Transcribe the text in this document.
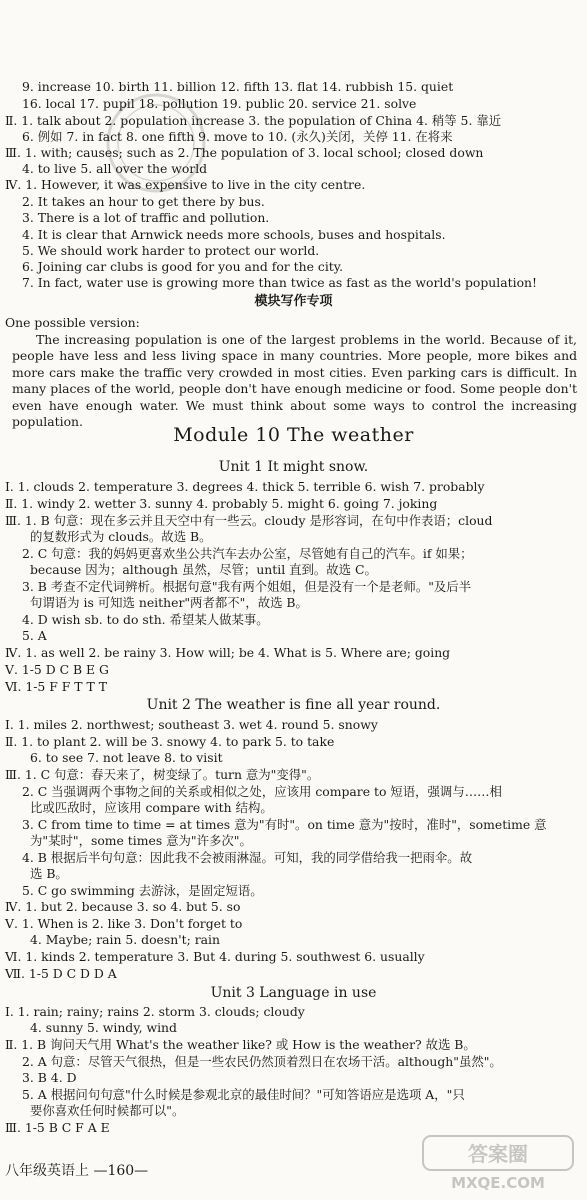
9. increase 10. birth 11. billion 12. fifth 13. flat 14. rubbish 15. quiet
16. local 17. pupil 18. pollution 19. public 20. service 21. solve
Ⅱ. 1. talk about 2. population increase 3. the population of China 4. 稍等 5. 靠近
6. 例如 7. in fact 8. one fifth 9. move to 10. (永久)关闭，关停 11. 在将来
Ⅲ. 1. with; causes; such as 2. The population of 3. local school; closed down
4. to live 5. all over the world
Ⅳ. 1. However, it was expensive to live in the city centre.
2. It takes an hour to get there by bus.
3. There is a lot of traffic and pollution.
4. It is clear that Arnwick needs more schools, buses and hospitals.
5. We should work harder to protect our world.
6. Joining car clubs is good for you and for the city.
7. In fact, water use is growing more than twice as fast as the world's population!
模块写作专项
One possible version:
The increasing population is one of the largest problems in the world. Because of it, people have less and less living space in many countries. More people, more bikes and more cars make the traffic very crowded in most cities. Even parking cars is difficult. In many places of the world, people don't have enough medicine or food. Some people don't even have enough water. We must think about some ways to control the increasing population.
Module 10 The weather
Unit 1 It might snow.
Ⅰ. 1. clouds 2. temperature 3. degrees 4. thick 5. terrible 6. wish 7. probably
Ⅱ. 1. windy 2. wetter 3. sunny 4. probably 5. might 6. going 7. joking
Ⅲ. 1. B 句意：现在多云并且天空中有一些云。cloudy 是形容词，在句中作表语；cloud
的复数形式为 clouds。故选 B。
2. C 句意：我的妈妈更喜欢坐公共汽车去办公室，尽管她有自己的汽车。if 如果；
because 因为；although 虽然，尽管；until 直到。故选 C。
3. B 考查不定代词辨析。根据句意"我有两个姐姐，但是没有一个是老师。"及后半
句谓语为 is 可知选 neither"两者都不"，故选 B。
4. D wish sb. to do sth. 希望某人做某事。
5. A
Ⅳ. 1. as well 2. be rainy 3. How will; be 4. What is 5. Where are; going
Ⅴ. 1-5 D C B E G
Ⅵ. 1-5 F F T T T
Unit 2 The weather is fine all year round.
Ⅰ. 1. miles 2. northwest; southeast 3. wet 4. round 5. snowy
Ⅱ. 1. to plant 2. will be 3. snowy 4. to park 5. to take
6. to see 7. not leave 8. to visit
Ⅲ. 1. C 句意：春天来了，树变绿了。turn 意为"变得"。
2. C 当强调两个事物之间的关系或相似之处，应该用 compare to 短语，强调与……相
比或匹敌时，应该用 compare with 结构。
3. C from time to time = at times 意为"有时"。on time 意为"按时，准时"，sometime 意
为"某时"，some times 意为"许多次"。
4. B 根据后半句句意：因此我不会被雨淋湿。可知，我的同学借给我一把雨伞。故
选 B。
5. C go swimming 去游泳，是固定短语。
Ⅳ. 1. but 2. because 3. so 4. but 5. so
Ⅴ. 1. When is 2. like 3. Don't forget to
4. Maybe; rain 5. doesn't; rain
Ⅵ. 1. kinds 2. temperature 3. But 4. during 5. southwest 6. usually
Ⅶ. 1-5 D C D D A
Unit 3 Language in use
Ⅰ. 1. rain; rainy; rains 2. storm 3. clouds; cloudy
4. sunny 5. windy, wind
Ⅱ. 1. B 询问天气用 What's the weather like? 或 How is the weather? 故选 B。
2. A 句意：尽管天气很热，但是一些农民仍然顶着烈日在农场干活。although"虽然"。
3. B 4. D
5. A 根据问句句意"什么时候是参观北京的最佳时间？"可知答语应是选项 A，"只
要你喜欢任何时候都可以"。
Ⅲ. 1-5 B C F A E
八年级英语上 —160—
答案圈
MXQE.COM
